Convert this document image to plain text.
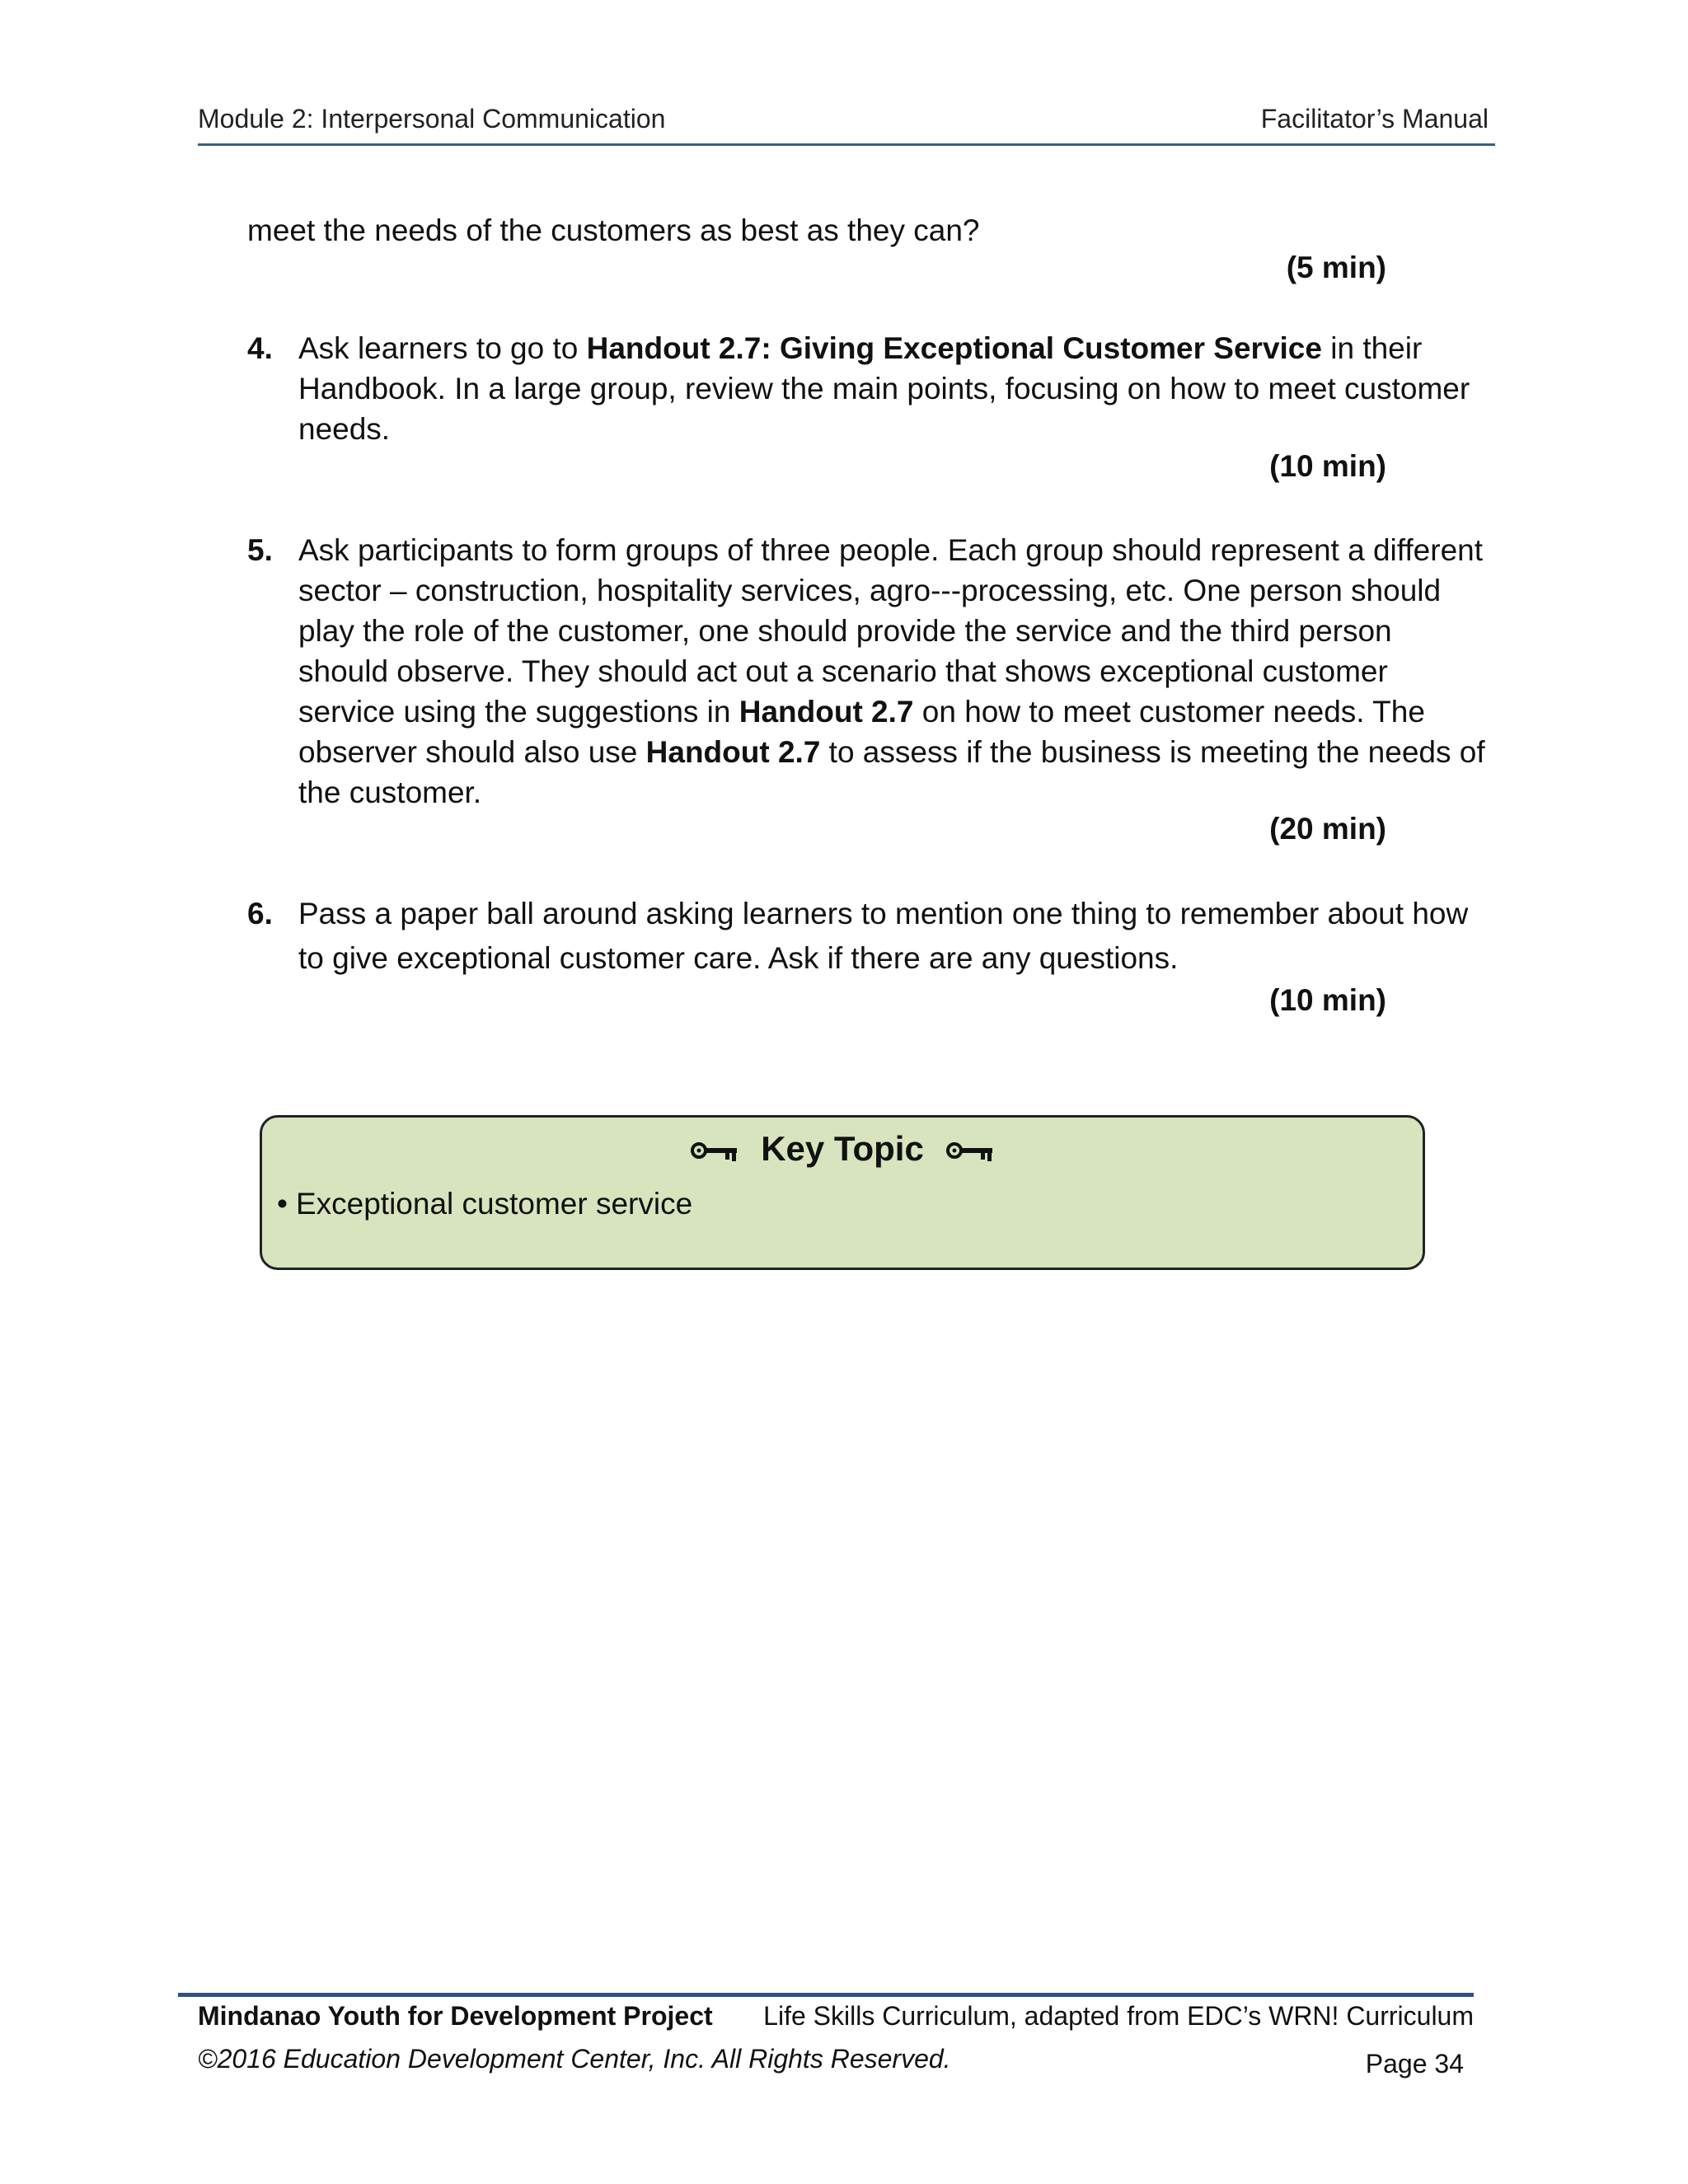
Module 2: Interpersonal Communication	Facilitator’s Manual
meet the needs of the customers as best as they can?
(5 min)
4. Ask learners to go to Handout 2.7: Giving Exceptional Customer Service in their Handbook. In a large group, review the main points, focusing on how to meet customer needs.
(10 min)
5. Ask participants to form groups of three people. Each group should represent a different sector – construction, hospitality services, agro---processing, etc. One person should play the role of the customer, one should provide the service and the third person should observe. They should act out a scenario that shows exceptional customer service using the suggestions in Handout 2.7 on how to meet customer needs. The observer should also use Handout 2.7 to assess if the business is meeting the needs of the customer.
(20 min)
6. Pass a paper ball around asking learners to mention one thing to remember about how to give exceptional customer care. Ask if there are any questions.
(10 min)
Key Topic
• Exceptional customer service
Mindanao Youth for Development Project Life Skills Curriculum, adapted from EDC’s WRN! Curriculum
©2016 Education Development Center, Inc. All Rights Reserved.	Page 34
